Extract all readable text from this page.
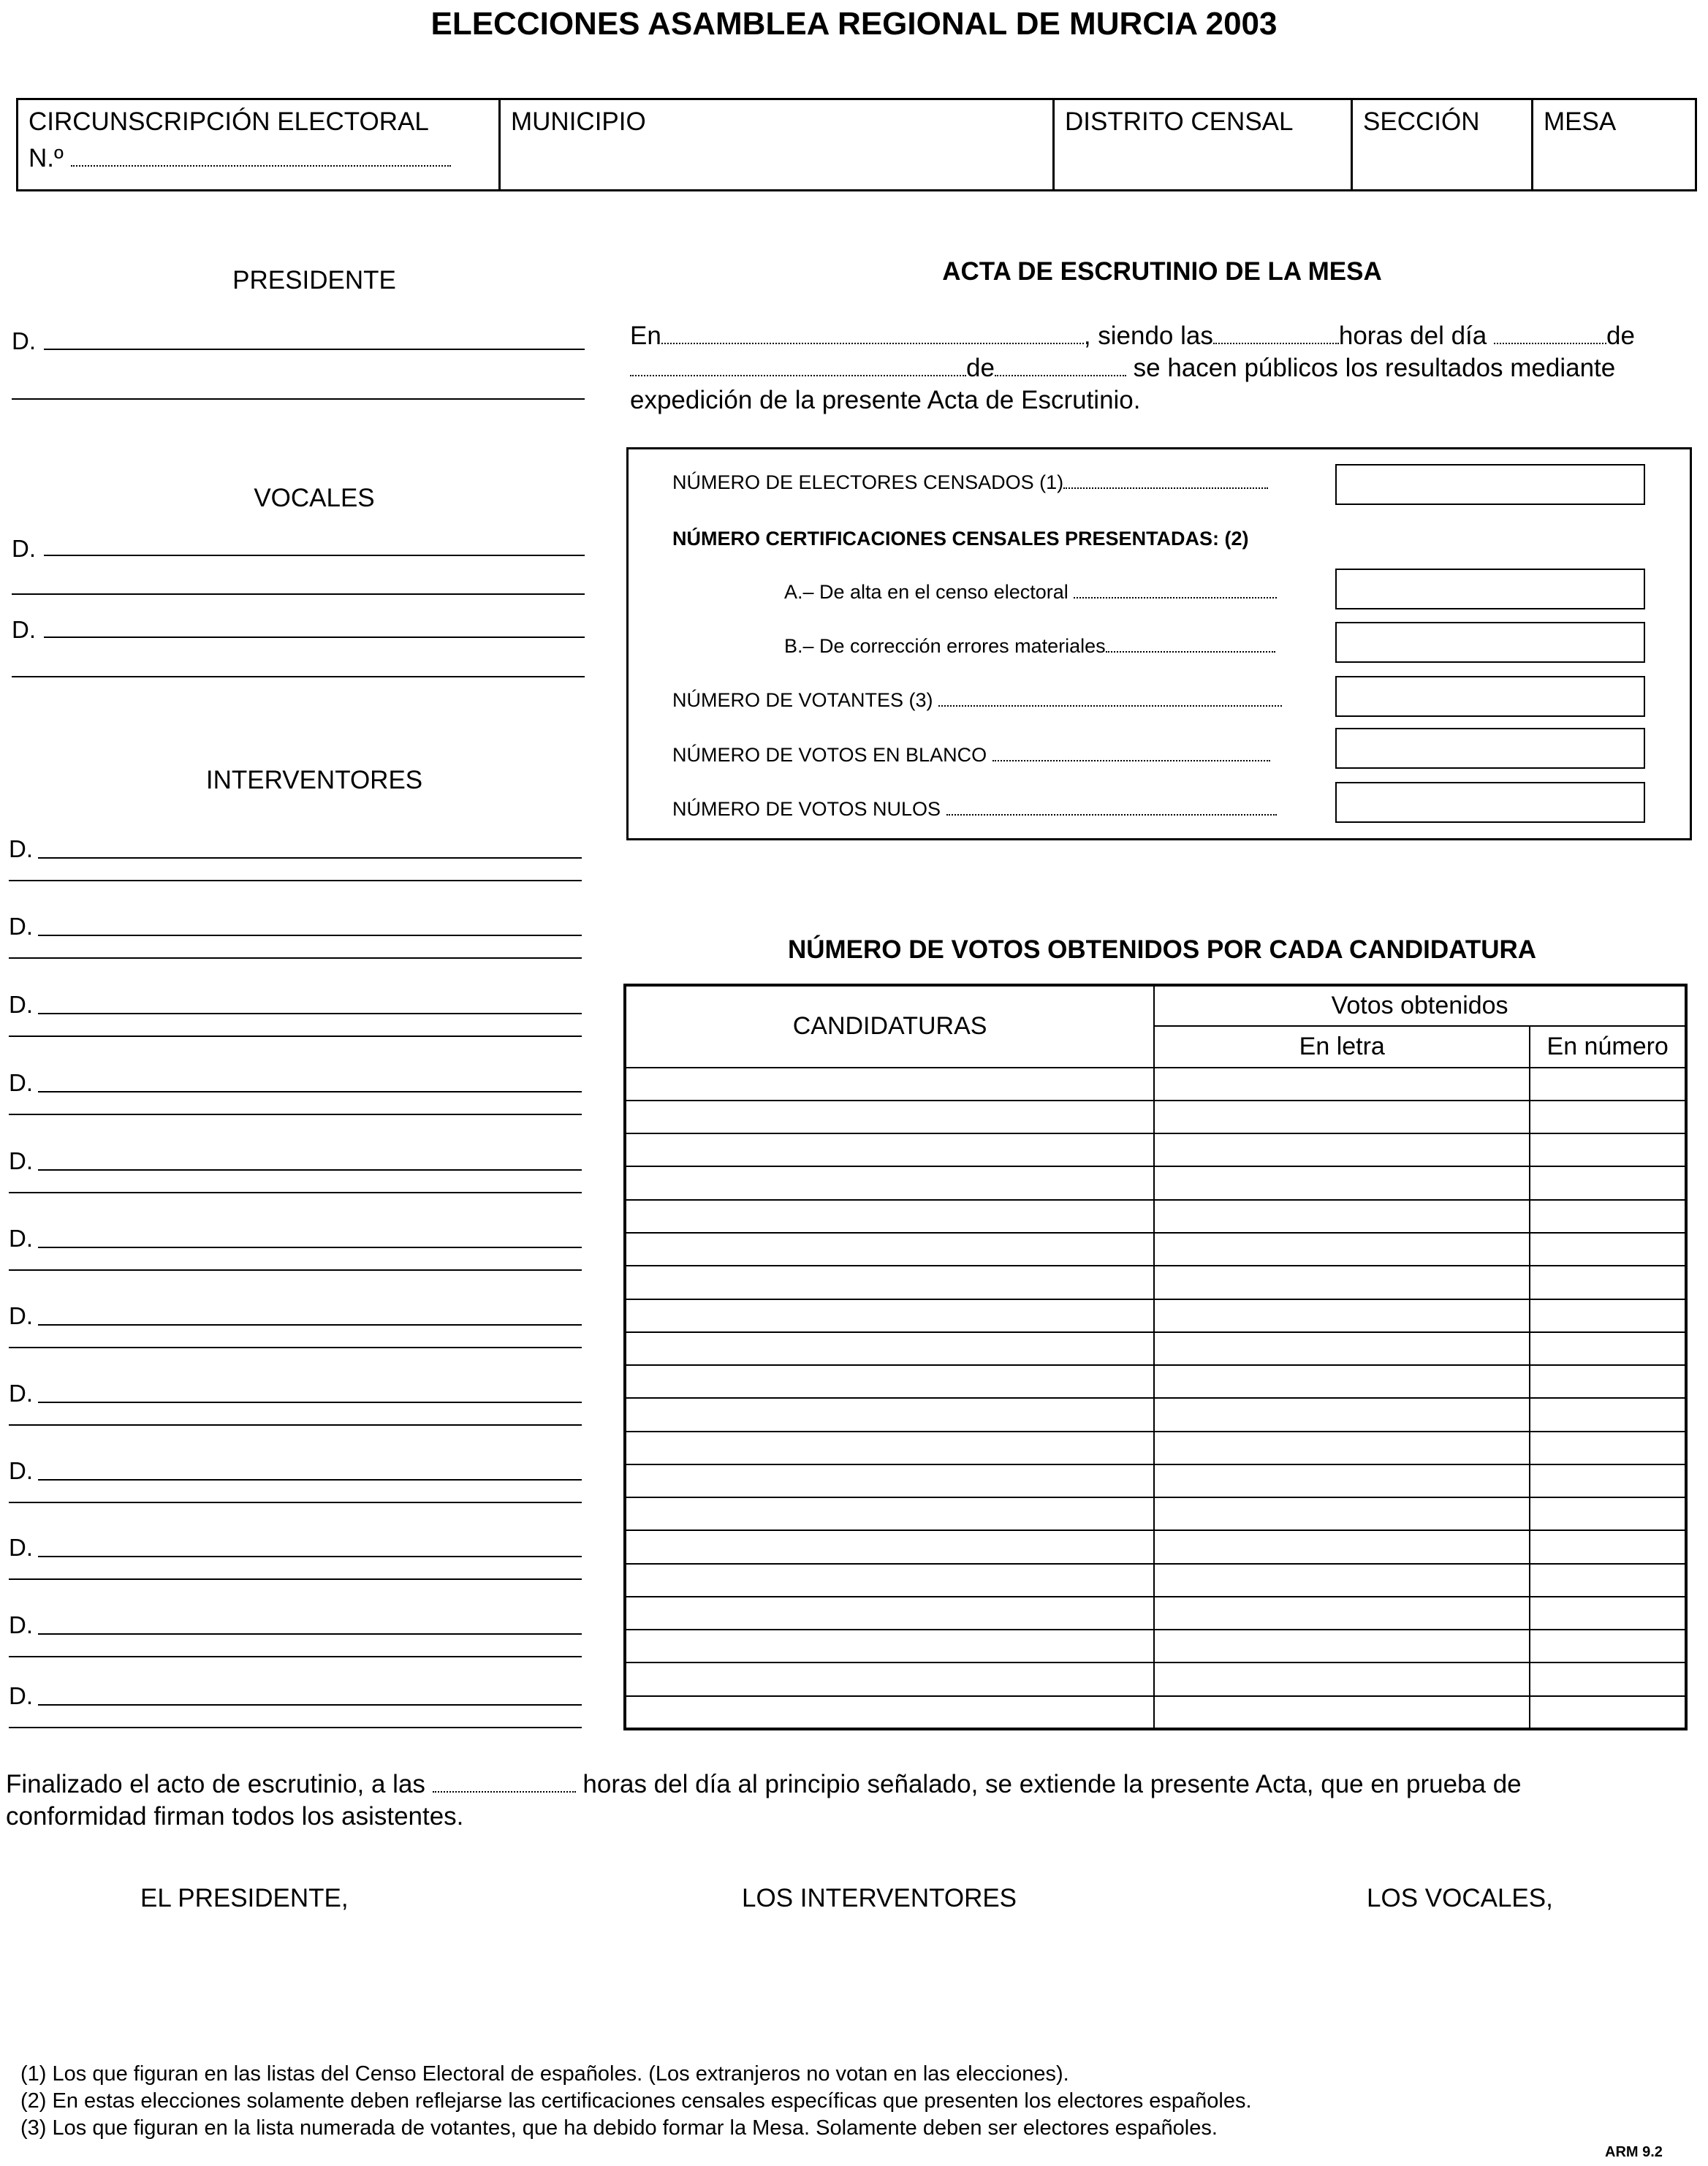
ELECCIONES ASAMBLEA REGIONAL DE MURCIA 2003
CIRCUNSCRIPCIÓN ELECTORAL
N.º
MUNICIPIO	DISTRITO CENSAL	SECCIÓN	MESA
PRESIDENTE
D.
VOCALES
D.
D.
INTERVENTORES
D.
D.
D.
D.
D.
D.
D.
D.
D.
D.
D.
D.
ACTA DE ESCRUTINIO DE LA MESA
En	, siendo las	horas del día	de
de	se hacen públicos los resultados mediante
expedición de la presente Acta de Escrutinio.
NÚMERO DE ELECTORES CENSADOS (1)
NÚMERO CERTIFICACIONES CENSALES PRESENTADAS: (2)
A.– De alta en el censo electoral
B.– De corrección errores materiales
NÚMERO DE VOTANTES (3)
NÚMERO DE VOTOS EN BLANCO
NÚMERO DE VOTOS NULOS
NÚMERO DE VOTOS OBTENIDOS POR CADA CANDIDATURA
CANDIDATURAS	Votos obtenidos	
	En letra	En número

Finalizado el acto de escrutinio, a las	horas del día al principio señalado, se extiende la presente Acta, que en prueba de
conformidad firman todos los asistentes.
EL PRESIDENTE,	LOS INTERVENTORES	LOS VOCALES,
(1) Los que figuran en las listas del Censo Electoral de españoles. (Los extranjeros no votan en las elecciones).
(2) En estas elecciones solamente deben reflejarse las certificaciones censales específicas que presenten los electores españoles.
(3) Los que figuran en la lista numerada de votantes, que ha debido formar la Mesa. Solamente deben ser electores españoles.
ARM 9.2
